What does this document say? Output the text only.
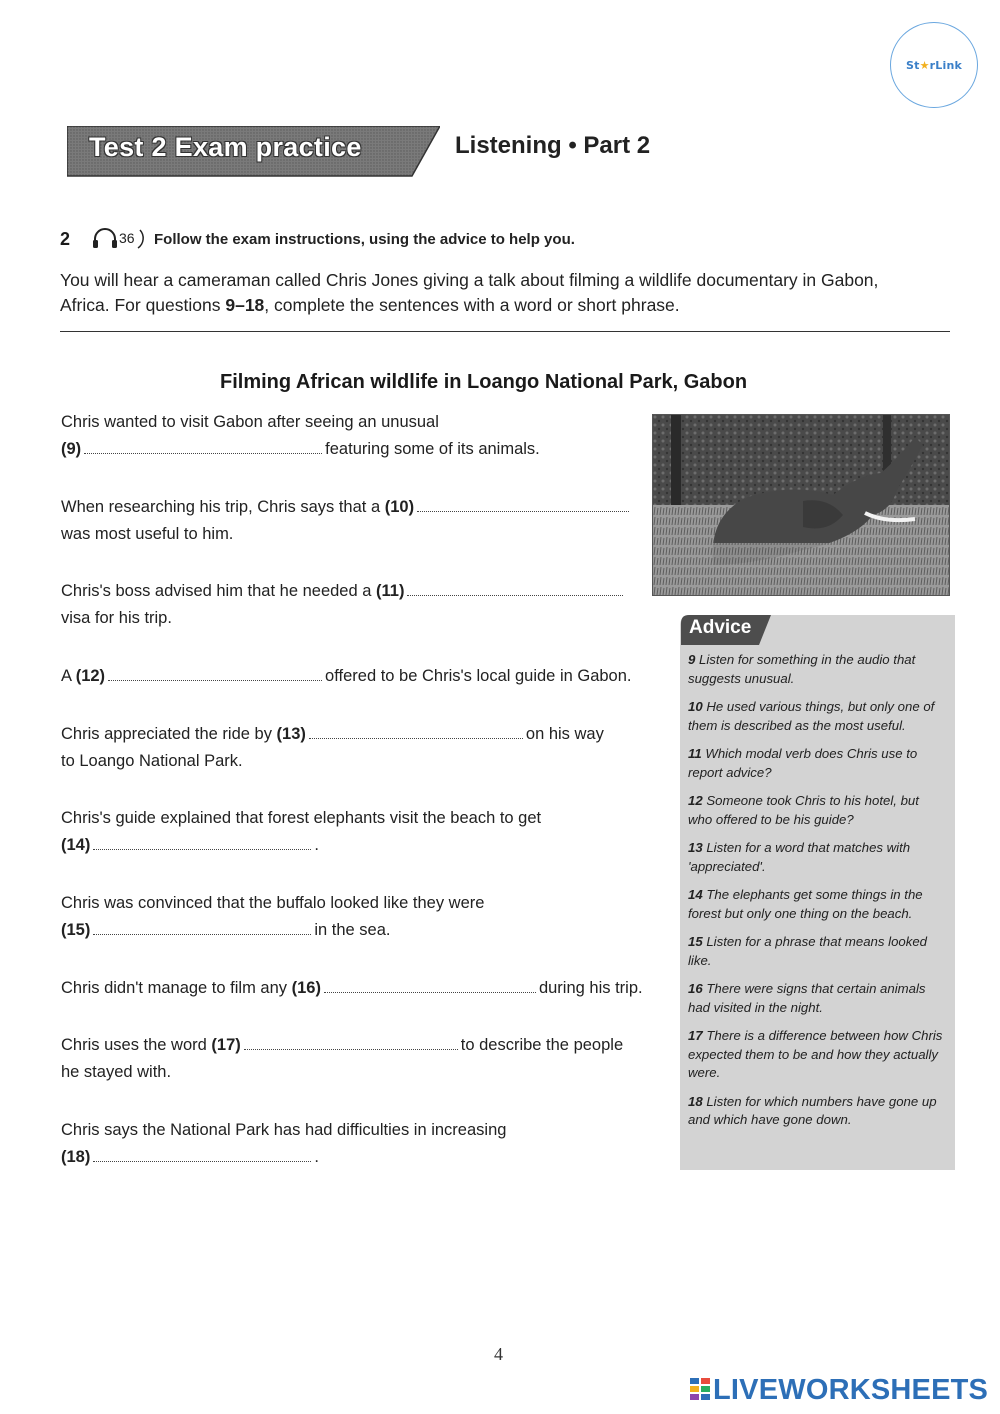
St★rLink
Test 2 Exam practice	Listening • Part 2
2	36 Follow the exam instructions, using the advice to help you.
You will hear a cameraman called Chris Jones giving a talk about filming a wildlife documentary in Gabon,
Africa. For questions 9–18, complete the sentences with a word or short phrase.
Filming African wildlife in Loango National Park, Gabon
Chris wanted to visit Gabon after seeing an unusual
(9)	featuring some of its animals.
When researching his trip, Chris says that a (10)
was most useful to him.
Chris's boss advised him that he needed a (11)
visa for his trip.
A (12)	offered to be Chris's local guide in Gabon.
Chris appreciated the ride by (13)	on his way
to Loango National Park.
Chris's guide explained that forest elephants visit the beach to get
(14)	.
Chris was convinced that the buffalo looked like they were
(15)	in the sea.
Chris didn't manage to film any (16)	during his trip.
Chris uses the word (17)	to describe the people
he stayed with.
Chris says the National Park has had difficulties in increasing
(18)	.
Advice
9 Listen for something in the audio that suggests unusual.
10 He used various things, but only one of them is described as the most useful.
11 Which modal verb does Chris use to report advice?
12 Someone took Chris to his hotel, but who offered to be his guide?
13 Listen for a word that matches with 'appreciated'.
14 The elephants get some things in the forest but only one thing on the beach.
15 Listen for a phrase that means looked like.
16 There were signs that certain animals had visited in the night.
17 There is a difference between how Chris expected them to be and how they actually were.
18 Listen for which numbers have gone up and which have gone down.
4
LIVEWORKSHEETS
